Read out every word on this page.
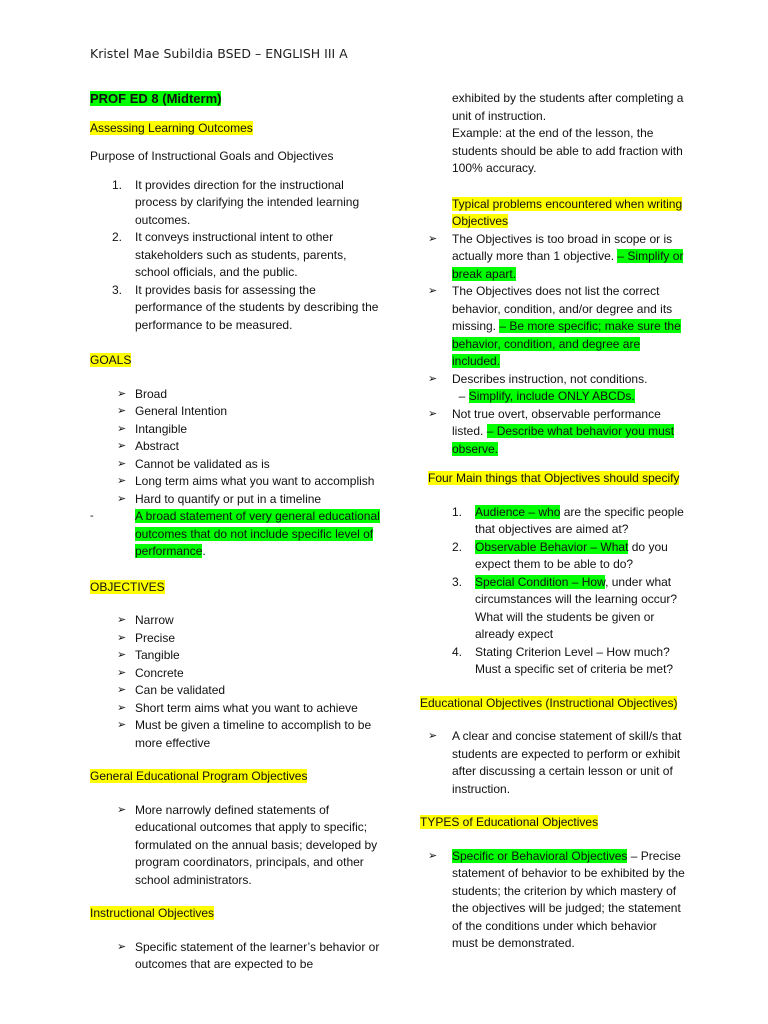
Kristel Mae Subildia BSED – ENGLISH III A

PROF ED 8 (Midterm)

Assessing Learning Outcomes

Purpose of Instructional Goals and Objectives

1. It provides direction for the instructional process by clarifying the intended learning outcomes.
2. It conveys instructional intent to other stakeholders such as students, parents, school officials, and the public.
3. It provides basis for assessing the performance of the students by describing the performance to be measured.

GOALS

➢ Broad
➢ General Intention
➢ Intangible
➢ Abstract
➢ Cannot be validated as is
➢ Long term aims what you want to accomplish
➢ Hard to quantify or put in a timeline
-	A broad statement of very general educational outcomes that do not include specific level of performance.

OBJECTIVES

➢ Narrow
➢ Precise
➢ Tangible
➢ Concrete
➢ Can be validated
➢ Short term aims what you want to achieve
➢ Must be given a timeline to accomplish to be more effective

General Educational Program Objectives

➢ More narrowly defined statements of educational outcomes that apply to specific; formulated on the annual basis; developed by program coordinators, principals, and other school administrators.

Instructional Objectives

➢ Specific statement of the learner’s behavior or outcomes that are expected to be

exhibited by the students after completing a unit of instruction.

Example: at the end of the lesson, the students should be able to add fraction with 100% accuracy.

Typical problems encountered when writing Objectives

➢ The Objectives is too broad in scope or is actually more than 1 objective. – Simplify or break apart.
➢ The Objectives does not list the correct behavior, condition, and/or degree and its missing. – Be more specific; make sure the behavior, condition, and degree are included.
➢ Describes instruction, not conditions.
– Simplify, include ONLY ABCDs.
➢ Not true overt, observable performance listed. – Describe what behavior you must observe.

Four Main things that Objectives should specify

1. Audience – who are the specific people that objectives are aimed at?
2. Observable Behavior – What do you expect them to be able to do?
3. Special Condition – How, under what circumstances will the learning occur? What will the students be given or already expect
4. Stating Criterion Level – How much? Must a specific set of criteria be met?

Educational Objectives (Instructional Objectives)

➢ A clear and concise statement of skill/s that students are expected to perform or exhibit after discussing a certain lesson or unit of instruction.

TYPES of Educational Objectives

➢ Specific or Behavioral Objectives – Precise statement of behavior to be exhibited by the students; the criterion by which mastery of the objectives will be judged; the statement of the conditions under which behavior must be demonstrated.
